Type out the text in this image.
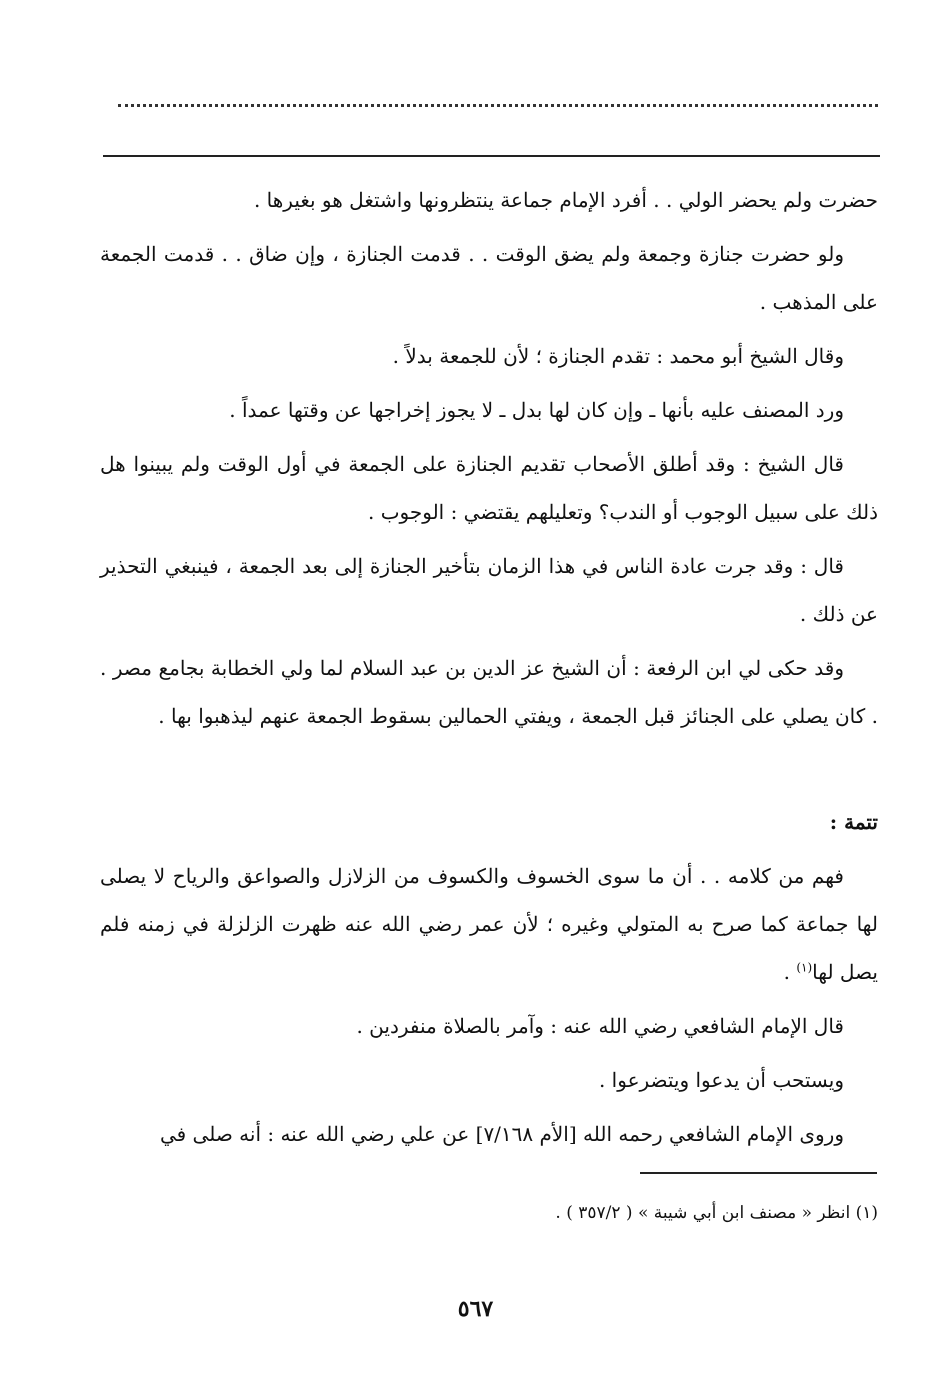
حضرت ولم يحضر الولي . . أفرد الإمام جماعة ينتظرونها واشتغل هو بغيرها .

ولو حضرت جنازة وجمعة ولم يضق الوقت . . قدمت الجنازة ، وإن ضاق . . قدمت الجمعة على المذهب .

وقال الشيخ أبو محمد : تقدم الجنازة ؛ لأن للجمعة بدلاً .

ورد المصنف عليه بأنها ـ وإن كان لها بدل ـ لا يجوز إخراجها عن وقتها عمداً .

قال الشيخ : وقد أطلق الأصحاب تقديم الجنازة على الجمعة في أول الوقت ولم يبينوا هل ذلك على سبيل الوجوب أو الندب؟ وتعليلهم يقتضي : الوجوب .

قال : وقد جرت عادة الناس في هذا الزمان بتأخير الجنازة إلى بعد الجمعة ، فينبغي التحذير عن ذلك .

وقد حكى لي ابن الرفعة : أن الشيخ عز الدين بن عبد السلام لما ولي الخطابة بجامع مصر . . كان يصلي على الجنائز قبل الجمعة ، ويفتي الحمالين بسقوط الجمعة عنهم ليذهبوا بها .

تتمة :

فهم من كلامه . . أن ما سوى الخسوف والكسوف من الزلازل والصواعق والرياح لا يصلى لها جماعة كما صرح به المتولي وغيره ؛ لأن عمر رضي الله عنه ظهرت الزلزلة في زمنه فلم يصل لها$^{(١)}$ .

قال الإمام الشافعي رضي الله عنه : وآمر بالصلاة منفردين .

ويستحب أن يدعوا ويتضرعوا .

وروى الإمام الشافعي رحمه الله [الأم ٧/١٦٨] عن علي رضي الله عنه : أنه صلى في

(١) انظر « مصنف ابن أبي شيبة » ( ٣٥٧/٢ ) .
٥٦٧
